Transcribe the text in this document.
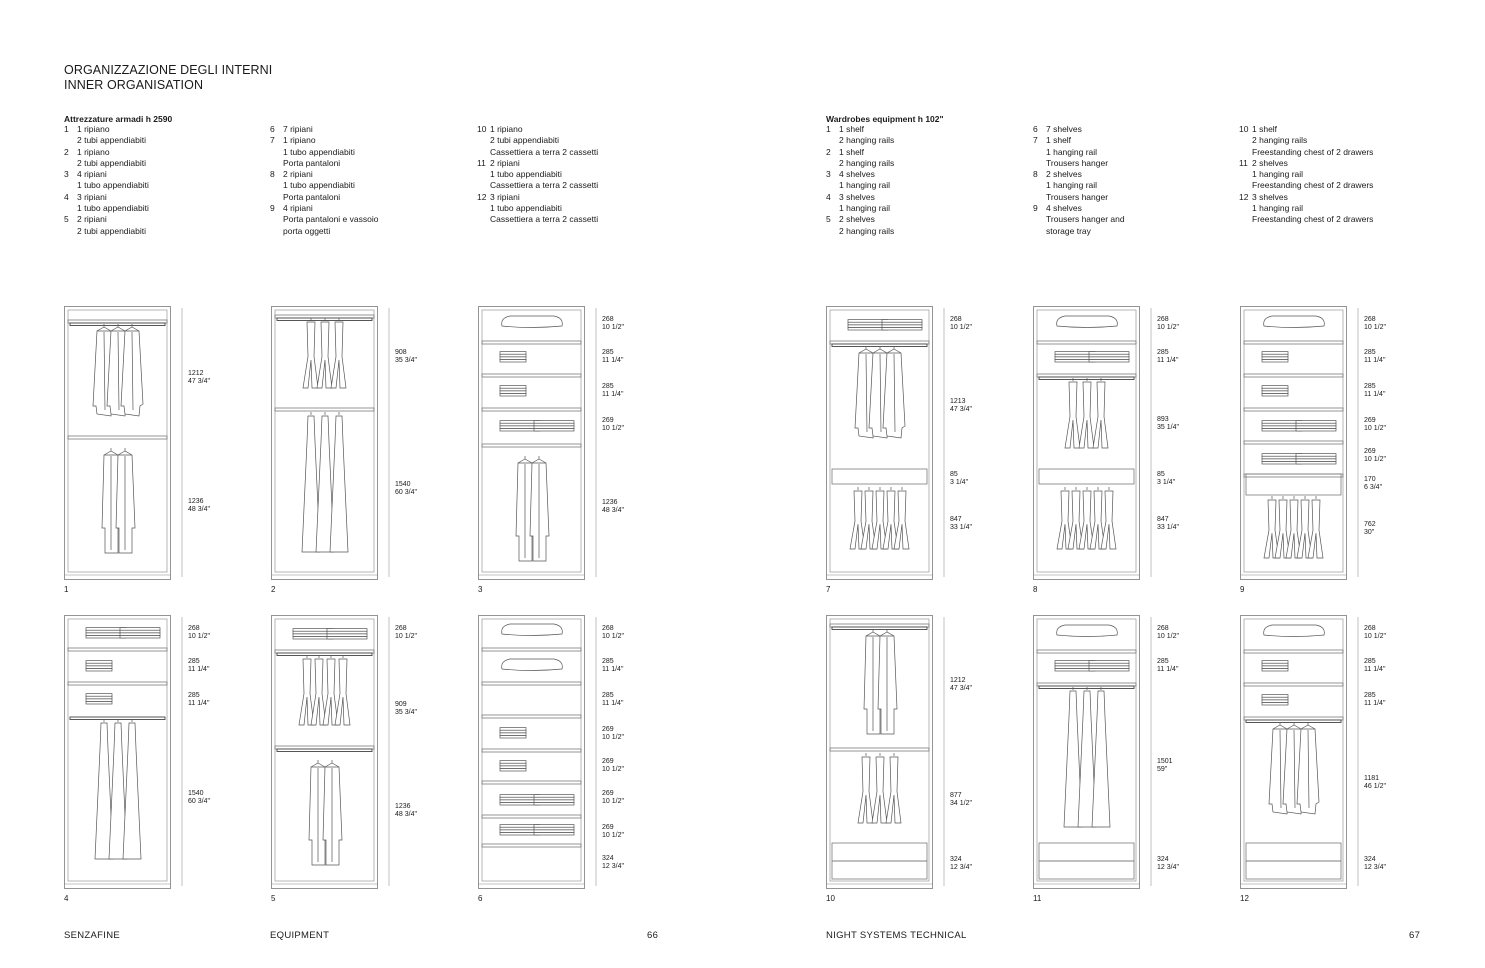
ORGANIZZAZIONE DEGLI INTERNI
INNER ORGANISATION
Attrezzature armadi h 2590
1 1 ripiano
2 tubi appendiabiti
2 1 ripiano
2 tubi appendiabiti
3 4 ripiani
1 tubo appendiabiti
4 3 ripiani
1 tubo appendiabiti
5 2 ripiani
2 tubi appendiabiti
6 7 ripiani
7 1 ripiano
1 tubo appendiabiti
Porta pantaloni
8 2 ripiani
1 tubo appendiabiti
Porta pantaloni
9 4 ripiani
Porta pantaloni e vassoio
porta oggetti
10 1 ripiano
2 tubi appendiabiti
Cassettiera a terra 2 cassetti
11 2 ripiani
1 tubo appendiabiti
Cassettiera a terra 2 cassetti
12 3 ripiani
1 tubo appendiabiti
Cassettiera a terra 2 cassetti
Wardrobes equipment h 102"
1 1 shelf
2 hanging rails
2 1 shelf
2 hanging rails
3 4 shelves
1 hanging rail
4 3 shelves
1 hanging rail
5 2 shelves
2 hanging rails
6 7 shelves
7 1 shelf
1 hanging rail
Trousers hanger
8 2 shelves
1 hanging rail
Trousers hanger
9 4 shelves
Trousers hanger and
storage tray
10 1 shelf
2 hanging rails
Freestanding chest of 2 drawers
11 2 shelves
1 hanging rail
Freestanding chest of 2 drawers
12 3 shelves
1 hanging rail
Freestanding chest of 2 drawers
1212
47 3/4"
1236
48 3/4"
1
908
35 3/4"
1540
60 3/4"
2
268
10 1/2"
285
11 1/4"
285
11 1/4"
269
10 1/2"
1236
48 3/4"
3
268
10 1/2"
1213
47 3/4"
85
3 1/4"
847
33 1/4"
7
268
10 1/2"
285
11 1/4"
893
35 1/4"
85
3 1/4"
847
33 1/4"
8
268
10 1/2"
285
11 1/4"
285
11 1/4"
269
10 1/2"
269
10 1/2"
170
6 3/4"
762
30"
9
268
10 1/2"
285
11 1/4"
285
11 1/4"
1540
60 3/4"
4
268
10 1/2"
909
35 3/4"
1236
48 3/4"
5
268
10 1/2"
285
11 1/4"
285
11 1/4"
269
10 1/2"
269
10 1/2"
269
10 1/2"
269
10 1/2"
324
12 3/4"
6
1212
47 3/4"
877
34 1/2"
324
12 3/4"
10
268
10 1/2"
285
11 1/4"
1501
59"
324
12 3/4"
11
268
10 1/2"
285
11 1/4"
285
11 1/4"
1181
46 1/2"
324
12 3/4"
12
SENZAFINE	EQUIPMENT	66	NIGHT SYSTEMS TECHNICAL	67
